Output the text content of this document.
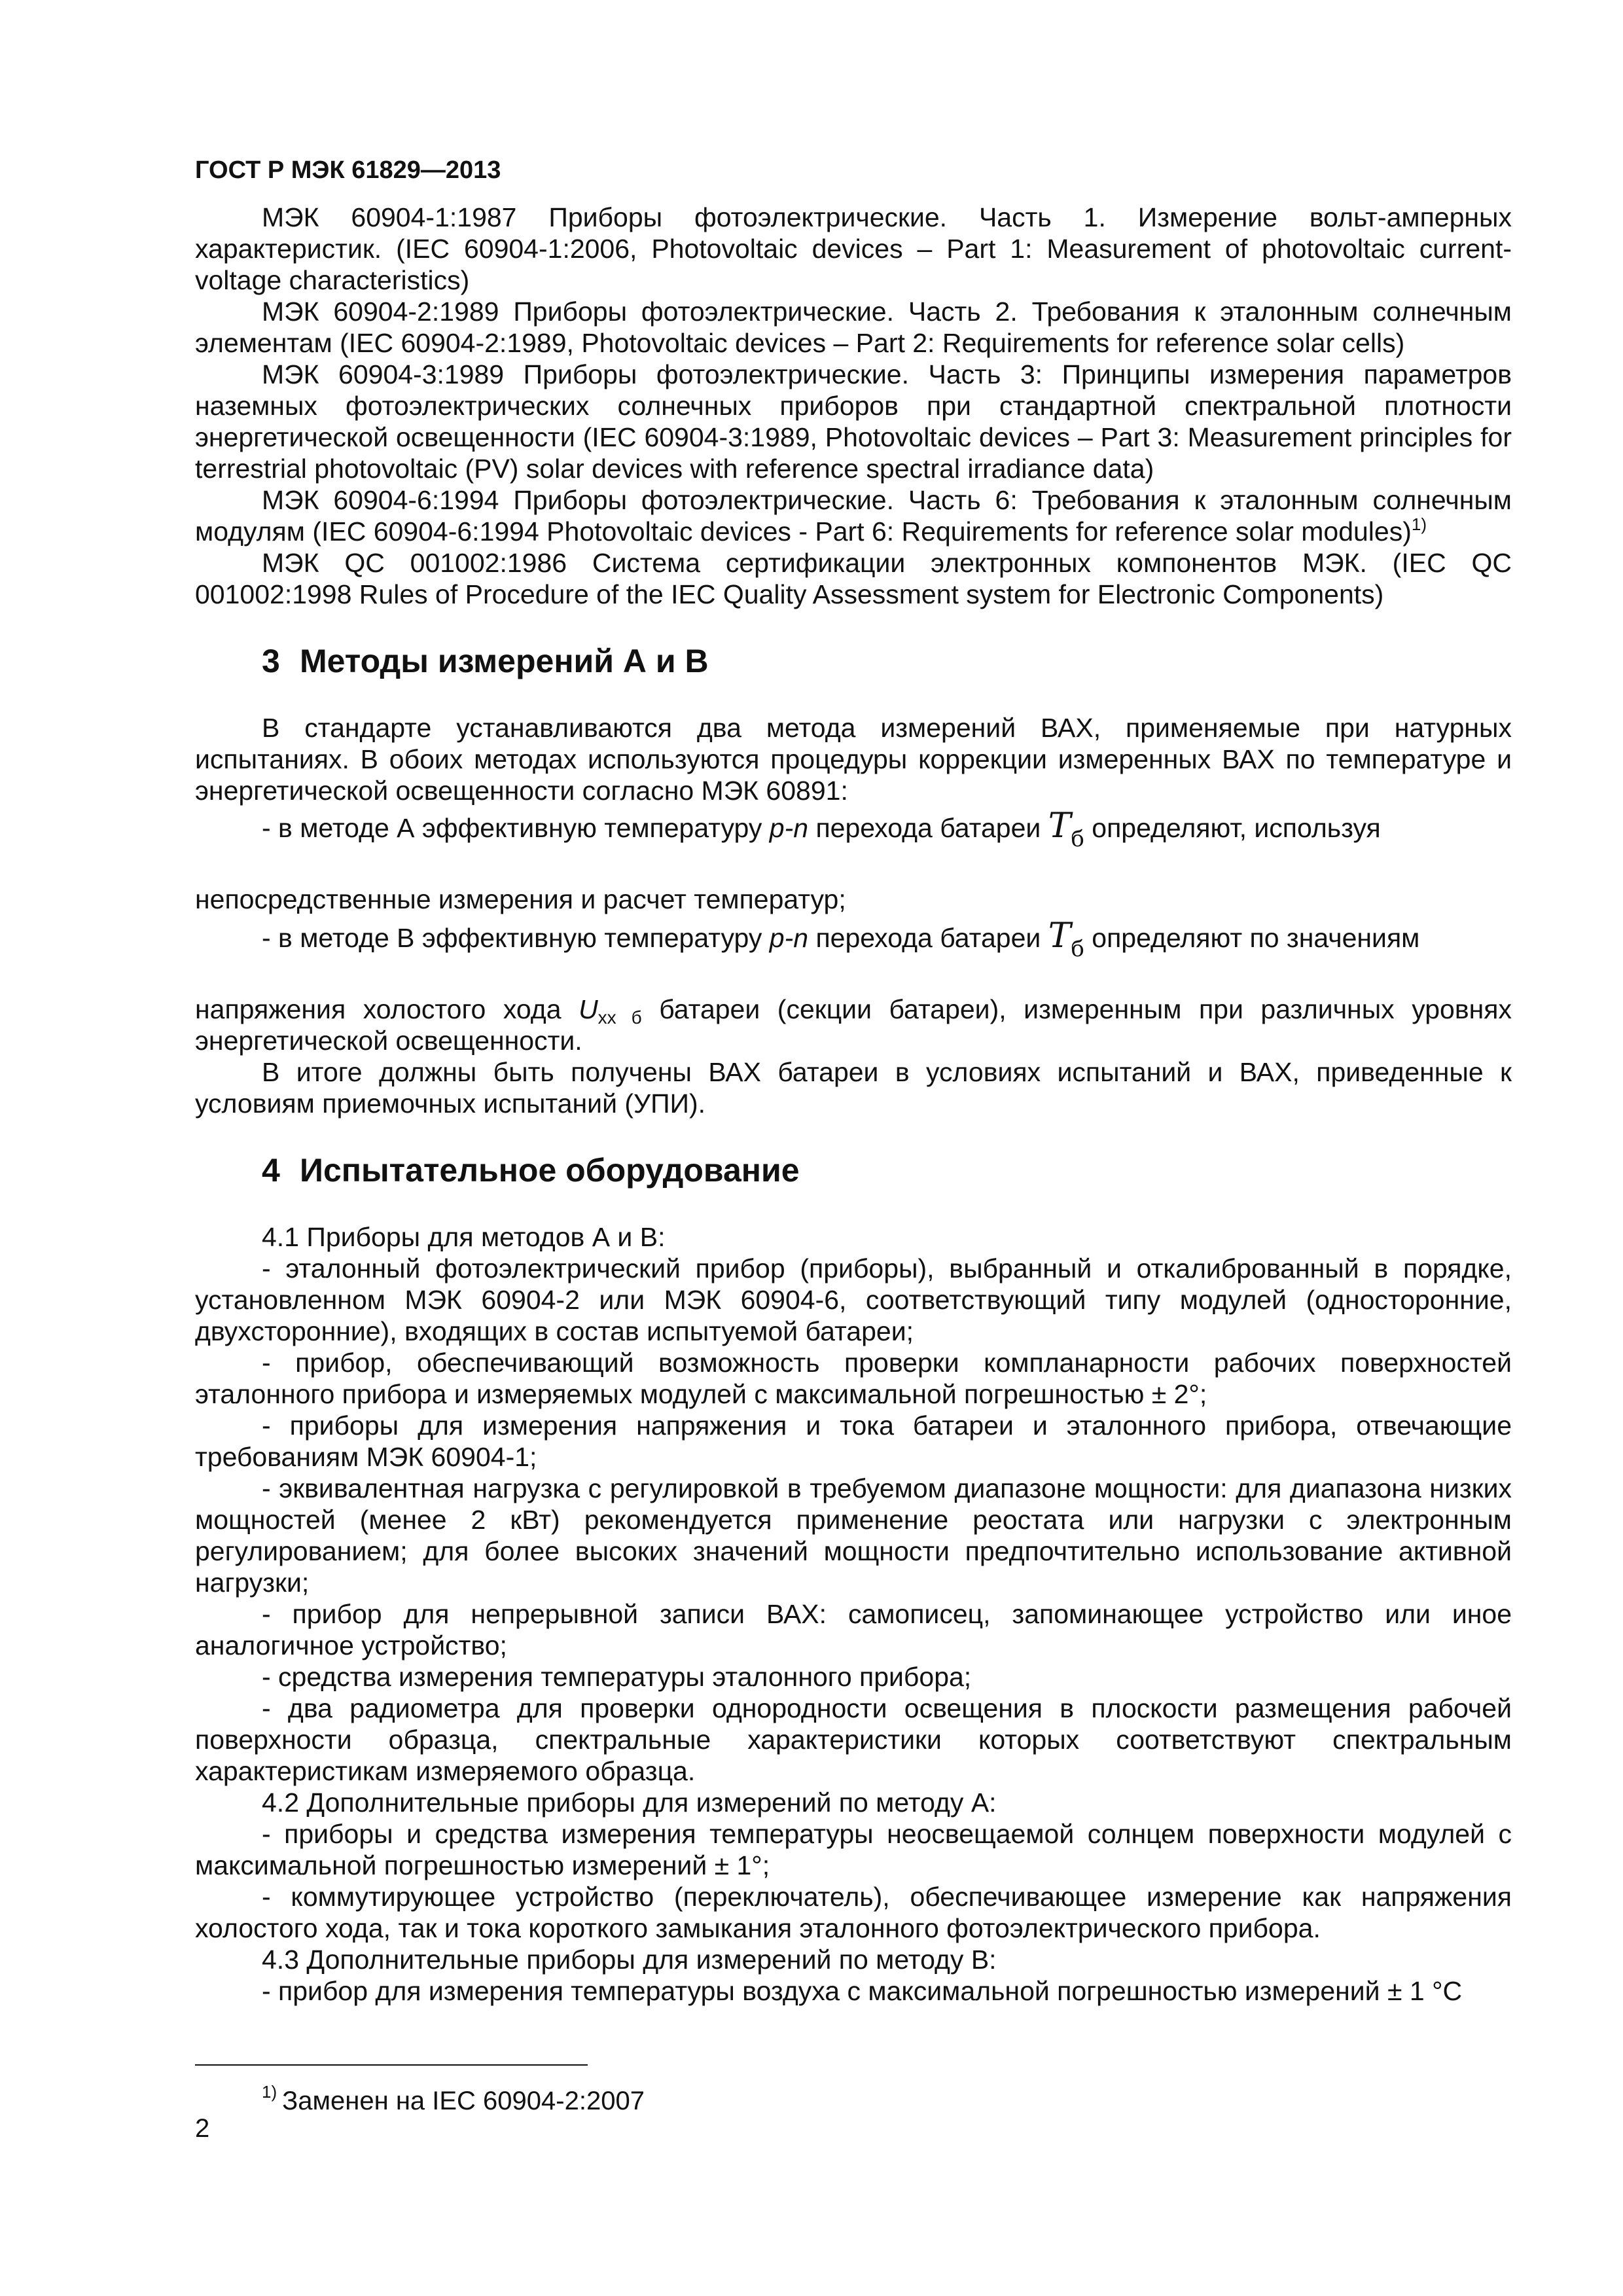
ГОСТ Р МЭК 61829—2013

МЭК 60904-1:1987 Приборы фотоэлектрические. Часть 1. Измерение вольт-амперных характеристик. (IEC 60904-1:2006, Photovoltaic devices – Part 1: Measurement of photovoltaic current-voltage characteristics)

МЭК 60904-2:1989 Приборы фотоэлектрические. Часть 2. Требования к эталонным солнечным элементам (IEC 60904-2:1989, Photovoltaic devices – Part 2: Requirements for reference solar cells)

МЭК 60904-3:1989 Приборы фотоэлектрические. Часть 3: Принципы измерения параметров наземных фотоэлектрических солнечных приборов при стандартной спектральной плотности энергетической освещенности (IEC 60904-3:1989, Photovoltaic devices – Part 3: Measurement principles for terrestrial photovoltaic (PV) solar devices with reference spectral irradiance data)

МЭК 60904-6:1994 Приборы фотоэлектрические. Часть 6: Требования к эталонным солнечным модулям (IEC 60904-6:1994 Photovoltaic devices - Part 6: Requirements for reference solar modules)$^{1)}$

МЭК QC 001002:1986 Система сертификации электронных компонентов МЭК. (IEC QC 001002:1998 Rules of Procedure of the IEC Quality Assessment system for Electronic Components)

3 Методы измерений А и В

В стандарте устанавливаются два метода измерений ВАХ, применяемые при натурных испытаниях. В обоих методах используются процедуры коррекции измеренных ВАХ по температуре и энергетической освещенности согласно МЭК 60891:

- в методе А эффективную температуру р-n перехода батареи $T_б$ определяют, используя

непосредственные измерения и расчет температур;

- в методе В эффективную температуру р-n перехода батареи $T_б$ определяют по значениям

напряжения холостого хода Uхх б батареи (секции батареи), измеренным при различных уровнях энергетической освещенности.

В итоге должны быть получены ВАХ батареи в условиях испытаний и ВАХ, приведенные к условиям приемочных испытаний (УПИ).

4 Испытательное оборудование

4.1 Приборы для методов А и В:

- эталонный фотоэлектрический прибор (приборы), выбранный и откалиброванный в порядке, установленном МЭК 60904-2 или МЭК 60904-6, соответствующий типу модулей (односторонние, двухсторонние), входящих в состав испытуемой батареи;

- прибор, обеспечивающий возможность проверки компланарности рабочих поверхностей эталонного прибора и измеряемых модулей с максимальной погрешностью ± 2°;

- приборы для измерения напряжения и тока батареи и эталонного прибора, отвечающие требованиям МЭК 60904-1;

- эквивалентная нагрузка с регулировкой в требуемом диапазоне мощности: для диапазона низких мощностей (менее 2 кВт) рекомендуется применение реостата или нагрузки с электронным регулированием; для более высоких значений мощности предпочтительно использование активной нагрузки;

- прибор для непрерывной записи ВАХ: самописец, запоминающее устройство или иное аналогичное устройство;

- средства измерения температуры эталонного прибора;

- два радиометра для проверки однородности освещения в плоскости размещения рабочей поверхности образца, спектральные характеристики которых соответствуют спектральным характеристикам измеряемого образца.

4.2 Дополнительные приборы для измерений по методу А:

- приборы и средства измерения температуры неосвещаемой солнцем поверхности модулей с максимальной погрешностью измерений ± 1°;

- коммутирующее устройство (переключатель), обеспечивающее измерение как напряжения холостого хода, так и тока короткого замыкания эталонного фотоэлектрического прибора.

4.3 Дополнительные приборы для измерений по методу В:

- прибор для измерения температуры воздуха с максимальной погрешностью измерений ± 1 °С

$^{1)}$ Заменен на IEC 60904-2:2007
2
